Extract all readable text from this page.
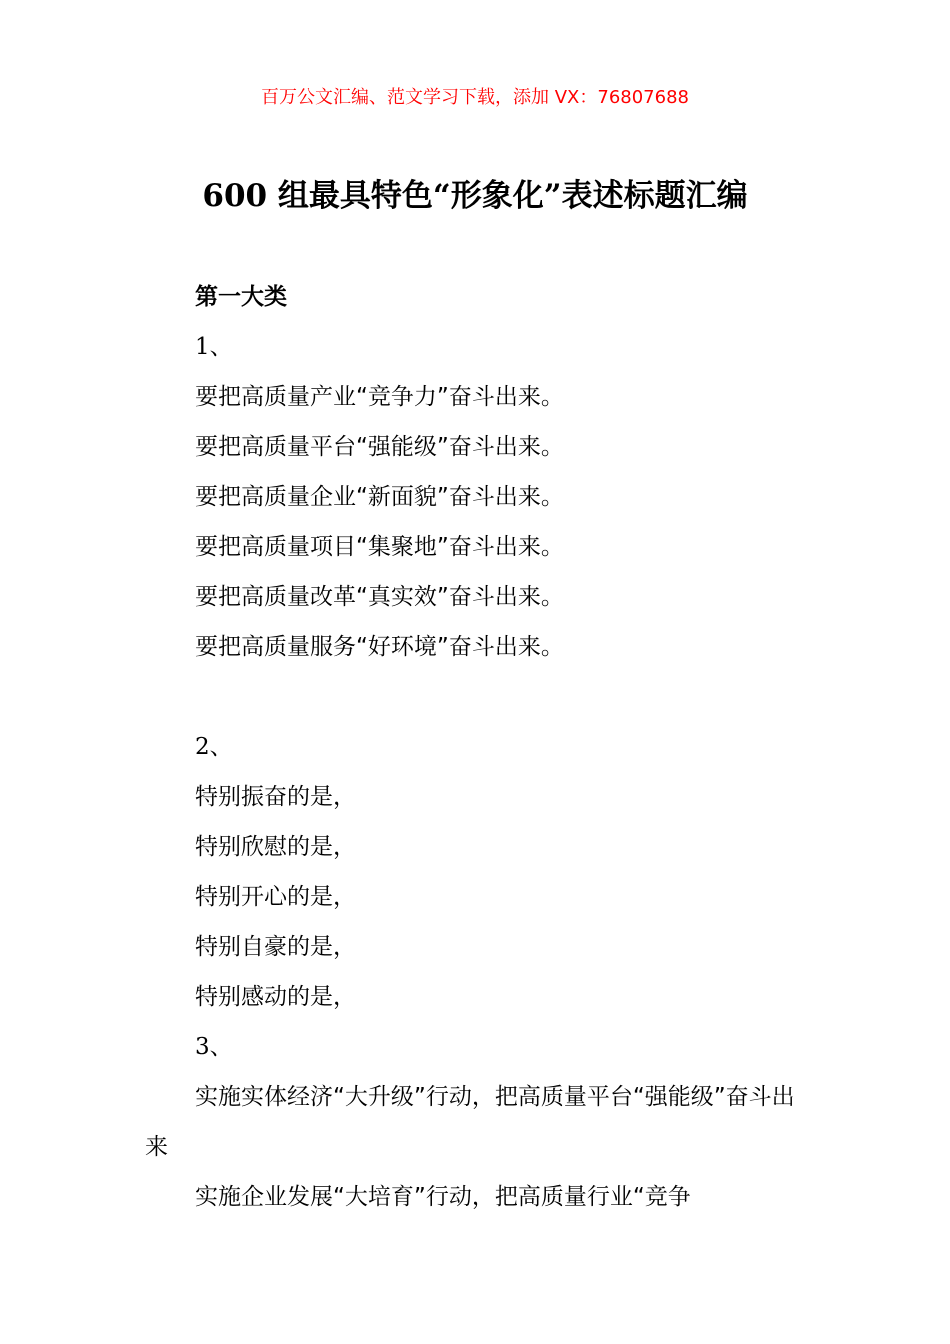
百万公文汇编、范文学习下载，添加 VX：76807688
600 组最具特色“形象化”表述标题汇编

第一大类

1、

要把高质量产业“竞争力”奋斗出来。

要把高质量平台“强能级”奋斗出来。

要把高质量企业“新面貌”奋斗出来。

要把高质量项目“集聚地”奋斗出来。

要把高质量改革“真实效”奋斗出来。

要把高质量服务“好环境”奋斗出来。

2、

特别振奋的是，

特别欣慰的是，

特别开心的是，

特别自豪的是，

特别感动的是，

3、

实施实体经济“大升级”行动，把高质量平台“强能级”奋斗出来

实施企业发展“大培育”行动，把高质量行业“竞争
